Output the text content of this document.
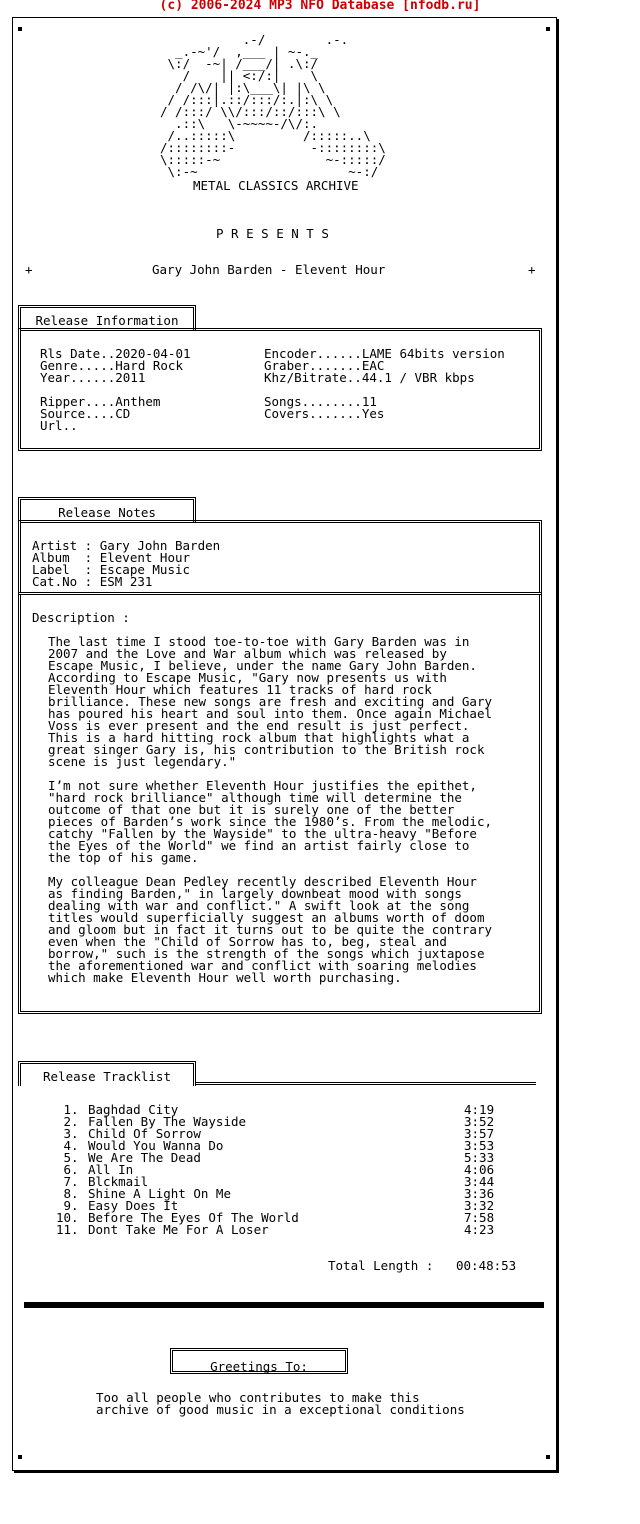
(c) 2006-2024 MP3 NFO Database [nfodb.ru]
.-/        .-.
_.-~'/  ,___ | ~-._
\:/  -~| /___/| .\:/
/    || <:/:|    \
/ /\/| |:\___\| |\ \
/ /:::|.::/:::/:.|:\ \
/ /:::/ \\/:::/::/:::\ \
.::\   \-~~~~-/\/:.
/..:::::\         /:::::..\
/::::::::-          -::::::::\
\:::::-~              ~-:::::/
\:-~                    ~-:/
METAL CLASSICS ARCHIVE
P R E S E N T S
+	Gary John Barden - Elevent Hour	+
Release Information
Rls Date..2020-04-01
Genre.....Hard Rock
Year......2011
Ripper....Anthem
Source....CD
Url..
Encoder......LAME 64bits version
Graber.......EAC
Khz/Bitrate..44.1 / VBR kbps
Songs........11
Covers.......Yes
Release Notes
Artist : Gary John Barden
Album  : Elevent Hour
Label  : Escape Music
Cat.No : ESM 231
Description :
The last time I stood toe-to-toe with Gary Barden was in
2007 and the Love and War album which was released by
Escape Music, I believe, under the name Gary John Barden.
According to Escape Music, "Gary now presents us with
Eleventh Hour which features 11 tracks of hard rock
brilliance. These new songs are fresh and exciting and Gary
has poured his heart and soul into them. Once again Michael
Voss is ever present and the end result is just perfect.
This is a hard hitting rock album that highlights what a
great singer Gary is, his contribution to the British rock
scene is just legendary."
I’m not sure whether Eleventh Hour justifies the epithet,
"hard rock brilliance" although time will determine the
outcome of that one but it is surely one of the better
pieces of Barden’s work since the 1980’s. From the melodic,
catchy "Fallen by the Wayside" to the ultra-heavy "Before
the Eyes of the World" we find an artist fairly close to
the top of his game.
My colleague Dean Pedley recently described Eleventh Hour
as finding Barden," in largely downbeat mood with songs
dealing with war and conflict." A swift look at the song
titles would superficially suggest an albums worth of doom
and gloom but in fact it turns out to be quite the contrary
even when the "Child of Sorrow has to, beg, steal and
borrow," such is the strength of the songs which juxtapose
the aforementioned war and conflict with soaring melodies
which make Eleventh Hour well worth purchasing.
Release Tracklist
1.
2.
3.
4.
5.
6.
7.
8.
9.
10.
11.
Baghdad City
Fallen By The Wayside
Child Of Sorrow
Would You Wanna Do
We Are The Dead
All In
Blckmail
Shine A Light On Me
Easy Does It
Before The Eyes Of The World
Dont Take Me For A Loser
4:19
3:52
3:57
3:53
5:33
4:06
3:44
3:36
3:32
7:58
4:23
Total Length : 00:48:53
Greetings To:
Too all people who contributes to make this
archive of good music in a exceptional conditions
